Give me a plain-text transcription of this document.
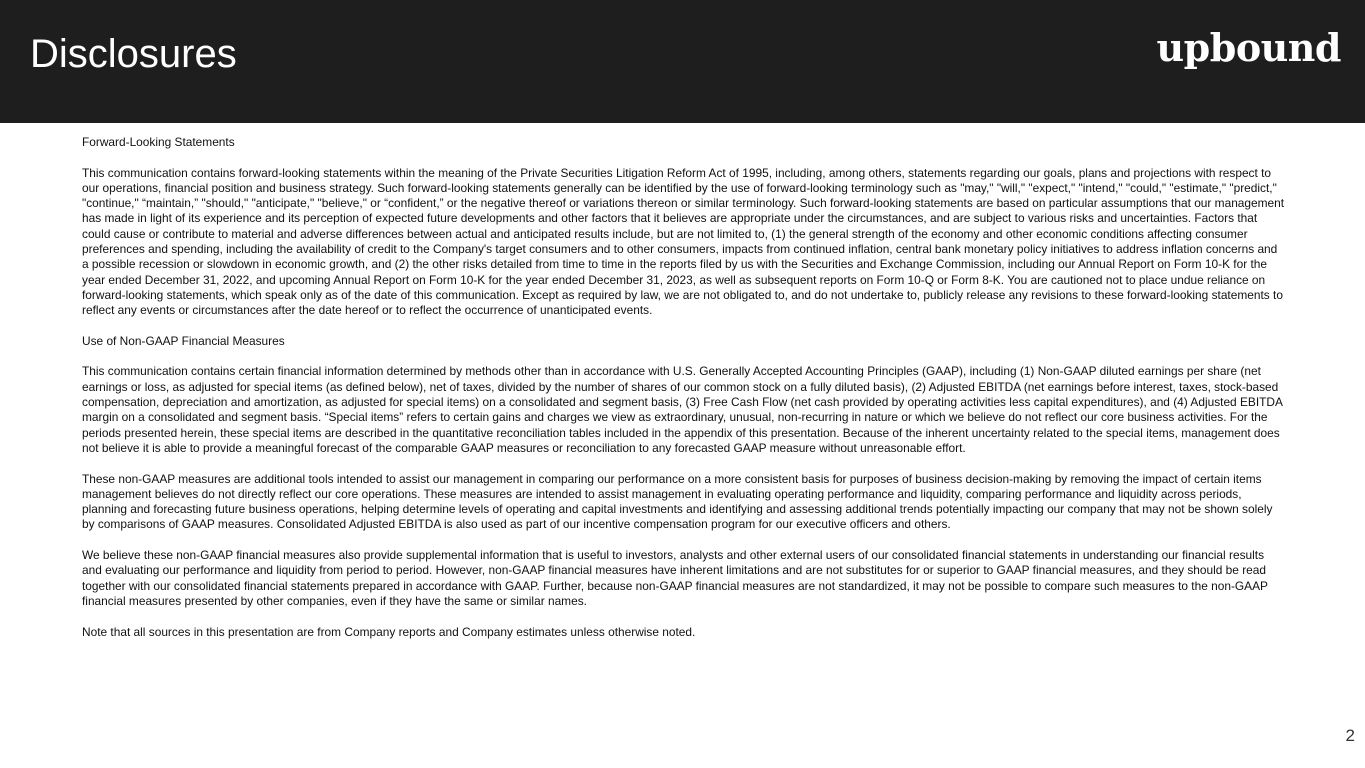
Disclosures	upbound

Forward-Looking Statements

This communication contains forward-looking statements within the meaning of the Private Securities Litigation Reform Act of 1995, including, among others, statements regarding our goals, plans and projections with respect to our operations, financial position and business strategy. Such forward-looking statements generally can be identified by the use of forward-looking terminology such as "may," "will," "expect," "intend," "could," "estimate," "predict," "continue," “maintain,” "should," "anticipate," "believe," or “confident,” or the negative thereof or variations thereon or similar terminology. Such forward-looking statements are based on particular assumptions that our management has made in light of its experience and its perception of expected future developments and other factors that it believes are appropriate under the circumstances, and are subject to various risks and uncertainties. Factors that could cause or contribute to material and adverse differences between actual and anticipated results include, but are not limited to, (1) the general strength of the economy and other economic conditions affecting consumer preferences and spending, including the availability of credit to the Company's target consumers and to other consumers, impacts from continued inflation, central bank monetary policy initiatives to address inflation concerns and a possible recession or slowdown in economic growth, and (2) the other risks detailed from time to time in the reports filed by us with the Securities and Exchange Commission, including our Annual Report on Form 10-K for the year ended December 31, 2022, and upcoming Annual Report on Form 10-K for the year ended December 31, 2023, as well as subsequent reports on Form 10-Q or Form 8-K. You are cautioned not to place undue reliance on forward-looking statements, which speak only as of the date of this communication. Except as required by law, we are not obligated to, and do not undertake to, publicly release any revisions to these forward-looking statements to reflect any events or circumstances after the date hereof or to reflect the occurrence of unanticipated events.

Use of Non-GAAP Financial Measures

This communication contains certain financial information determined by methods other than in accordance with U.S. Generally Accepted Accounting Principles (GAAP), including (1) Non-GAAP diluted earnings per share (net earnings or loss, as adjusted for special items (as defined below), net of taxes, divided by the number of shares of our common stock on a fully diluted basis), (2) Adjusted EBITDA (net earnings before interest, taxes, stock-based compensation, depreciation and amortization, as adjusted for special items) on a consolidated and segment basis, (3) Free Cash Flow (net cash provided by operating activities less capital expenditures), and (4) Adjusted EBITDA margin on a consolidated and segment basis. “Special items” refers to certain gains and charges we view as extraordinary, unusual, non-recurring in nature or which we believe do not reflect our core business activities. For the periods presented herein, these special items are described in the quantitative reconciliation tables included in the appendix of this presentation. Because of the inherent uncertainty related to the special items, management does not believe it is able to provide a meaningful forecast of the comparable GAAP measures or reconciliation to any forecasted GAAP measure without unreasonable effort.

These non-GAAP measures are additional tools intended to assist our management in comparing our performance on a more consistent basis for purposes of business decision-making by removing the impact of certain items management believes do not directly reflect our core operations. These measures are intended to assist management in evaluating operating performance and liquidity, comparing performance and liquidity across periods, planning and forecasting future business operations, helping determine levels of operating and capital investments and identifying and assessing additional trends potentially impacting our company that may not be shown solely by comparisons of GAAP measures. Consolidated Adjusted EBITDA is also used as part of our incentive compensation program for our executive officers and others.

We believe these non-GAAP financial measures also provide supplemental information that is useful to investors, analysts and other external users of our consolidated financial statements in understanding our financial results and evaluating our performance and liquidity from period to period. However, non-GAAP financial measures have inherent limitations and are not substitutes for or superior to GAAP financial measures, and they should be read together with our consolidated financial statements prepared in accordance with GAAP. Further, because non-GAAP financial measures are not standardized, it may not be possible to compare such measures to the non-GAAP financial measures presented by other companies, even if they have the same or similar names.

Note that all sources in this presentation are from Company reports and Company estimates unless otherwise noted.

2
